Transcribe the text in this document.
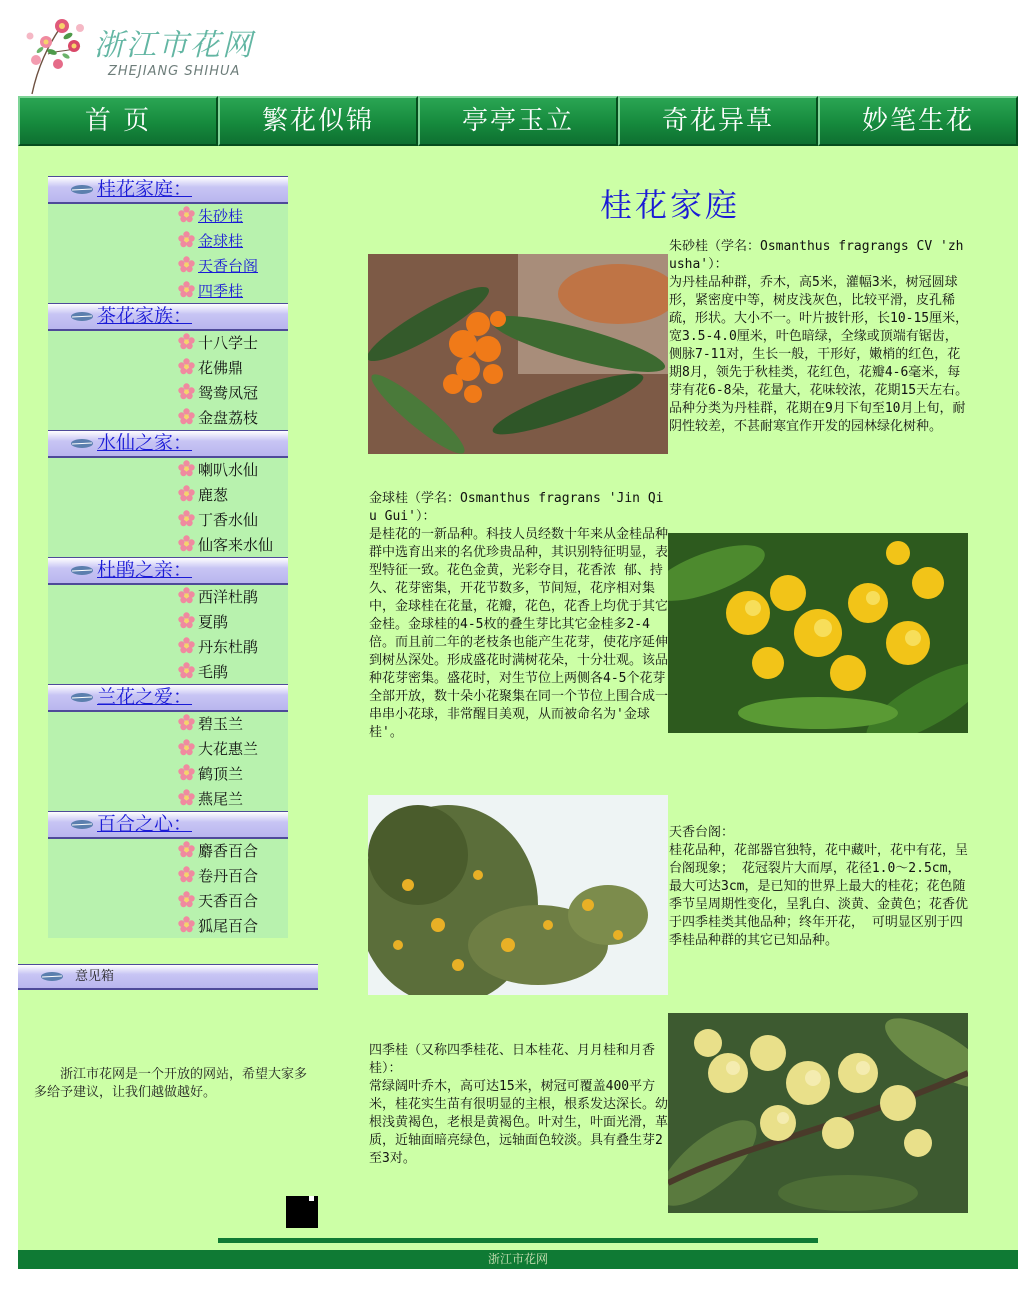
浙江市花网
ZHEJIANG SHIHUA
首 页	繁花似锦	亭亭玉立	奇花异草	妙笔生花
桂花家庭：
朱砂桂
金球桂
天香台阁
四季桂
茶花家族：
十八学士
花佛鼎
鸳鸯凤冠
金盘荔枝
水仙之家：
喇叭水仙
鹿葱
丁香水仙
仙客来水仙
杜鹃之亲：
西洋杜鹃
夏鹃
丹东杜鹃
毛鹃
兰花之爱：
碧玉兰
大花惠兰
鹤顶兰
燕尾兰
百合之心：
麝香百合
卷丹百合
天香百合
狐尾百合
意见箱
浙江市花网是一个开放的网站，希望大家多多给予建议，让我们越做越好。
桂花家庭
朱砂桂（学名：Osmanthus fragrangs CV 'zhusha'）：
为丹桂品种群，乔木，高5米，灌幅3米，树冠圆球形，紧密度中等，树皮浅灰色，比较平滑，皮孔稀疏，形状。大小不一。叶片披针形，长10-15厘米，宽3.5-4.0厘米，叶色暗绿，全缘或顶端有锯齿，侧脉7-11对，生长一般，干形好，嫩梢的红色，花期8月，领先于秋桂类，花红色，花瓣4-6毫米，每芽有花6-8朵，花量大，花味较浓，花期15天左右。 品种分类为丹桂群，花期在9月下旬至10月上旬，耐阴性较差，不甚耐寒宜作开发的园林绿化树种。
金球桂（学名：Osmanthus fragrans 'Jin Qiu Gui'）：
是桂花的一新品种。科技人员经数十年来从金桂品种群中选育出来的名优珍贵品种，其识别特征明显，表型特征一致。花色金黄，光彩夺目，花香浓 郁、持久、花芽密集，开花节数多，节间短，花序相对集中，金球桂在花量，花瓣，花色，花香上均优于其它金桂。金球桂的4-5枚的叠生芽比其它金桂多2-4倍。而且前二年的老枝条也能产生花芽，使花序延伸到树丛深处。形成盛花时满树花朵，十分壮观。该品种花芽密集。盛花时，对生节位上两侧各4-5个花芽全部开放，数十朵小花聚集在同一个节位上围合成一串串小花球，非常醒目美观，从而被命名为'金球桂'。
天香台阁：
桂花品种，花部器官独特，花中藏叶，花中有花，呈台阁现象； 花冠裂片大而厚，花径1.0～2.5cm，最大可达3cm，是已知的世界上最大的桂花；花色随季节呈周期性变化，呈乳白、淡黄、金黄色；花香优于四季桂类其他品种；终年开花， 可明显区别于四季桂品种群的其它已知品种。
四季桂（又称四季桂花、日本桂花、月月桂和月香桂）：
常绿阔叶乔木，高可达15米，树冠可覆盖400平方米，桂花实生苗有很明显的主根，根系发达深长。幼根浅黄褐色，老根是黄褐色。叶对生，叶面光滑，革质，近轴面暗亮绿色，远轴面色较淡。具有叠生芽2至3对。
浙江市花网
